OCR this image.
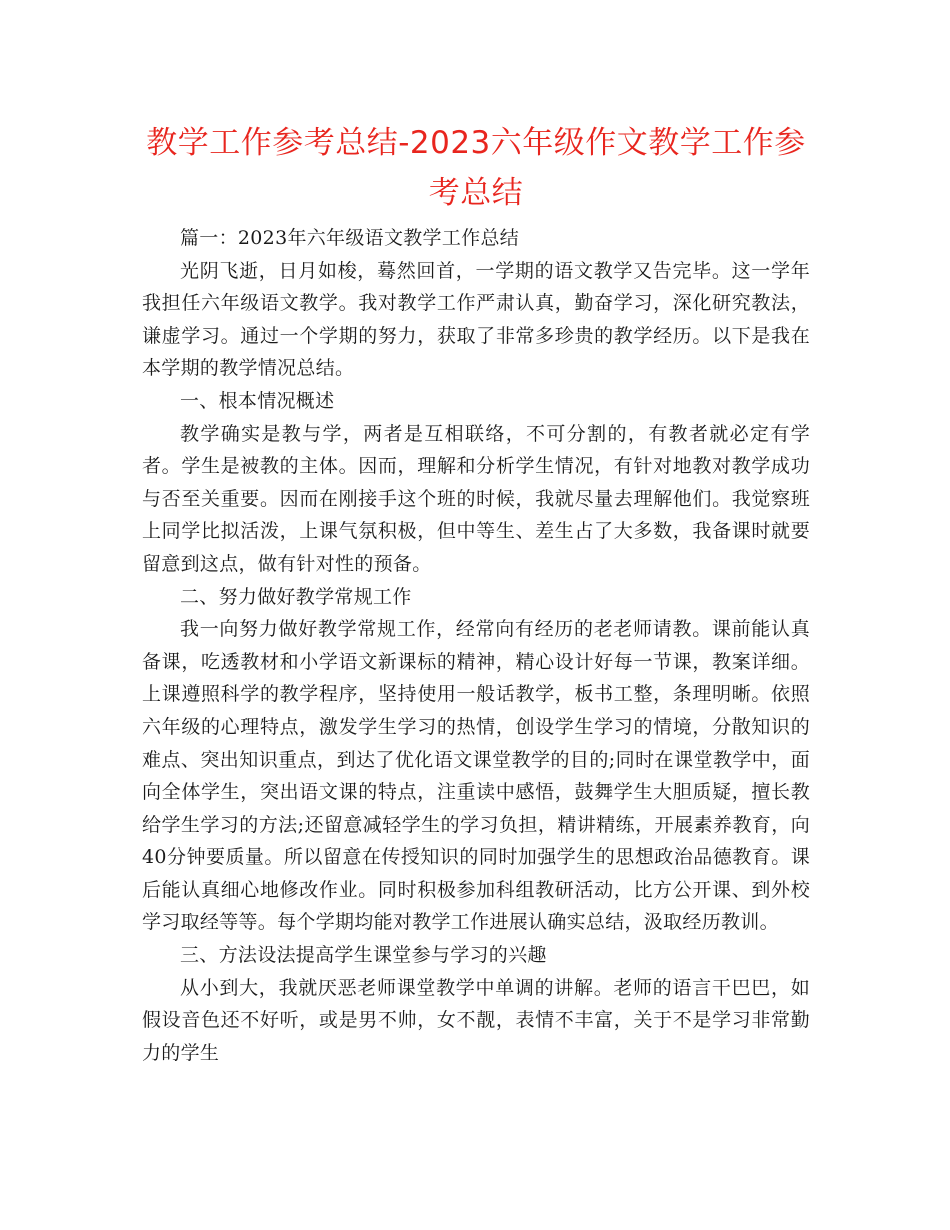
教学工作参考总结-2023六年级作文教学工作参考总结

篇一：2023年六年级语文教学工作总结

光阴飞逝，日月如梭，蓦然回首，一学期的语文教学又告完毕。这一学年我担任六年级语文教学。我对教学工作严肃认真，勤奋学习，深化研究教法，谦虚学习。通过一个学期的努力，获取了非常多珍贵的教学经历。以下是我在本学期的教学情况总结。

一、根本情况概述

教学确实是教与学，两者是互相联络，不可分割的，有教者就必定有学者。学生是被教的主体。因而，理解和分析学生情况，有针对地教对教学成功与否至关重要。因而在刚接手这个班的时候，我就尽量去理解他们。我觉察班上同学比拟活泼，上课气氛积极，但中等生、差生占了大多数，我备课时就要留意到这点，做有针对性的预备。

二、努力做好教学常规工作

我一向努力做好教学常规工作，经常向有经历的老老师请教。课前能认真备课，吃透教材和小学语文新课标的精神，精心设计好每一节课，教案详细。上课遵照科学的教学程序，坚持使用一般话教学，板书工整，条理明晰。依照六年级的心理特点，激发学生学习的热情，创设学生学习的情境，分散知识的难点、突出知识重点，到达了优化语文课堂教学的目的;同时在课堂教学中，面向全体学生，突出语文课的特点，注重读中感悟，鼓舞学生大胆质疑，擅长教给学生学习的方法;还留意减轻学生的学习负担，精讲精练，开展素养教育，向40分钟要质量。所以留意在传授知识的同时加强学生的思想政治品德教育。课后能认真细心地修改作业。同时积极参加科组教研活动，比方公开课、到外校学习取经等等。每个学期均能对教学工作进展认确实总结，汲取经历教训。

三、方法设法提高学生课堂参与学习的兴趣

从小到大，我就厌恶老师课堂教学中单调的讲解。老师的语言干巴巴，如假设音色还不好听，或是男不帅，女不靓，表情不丰富，关于不是学习非常勤力的学生
